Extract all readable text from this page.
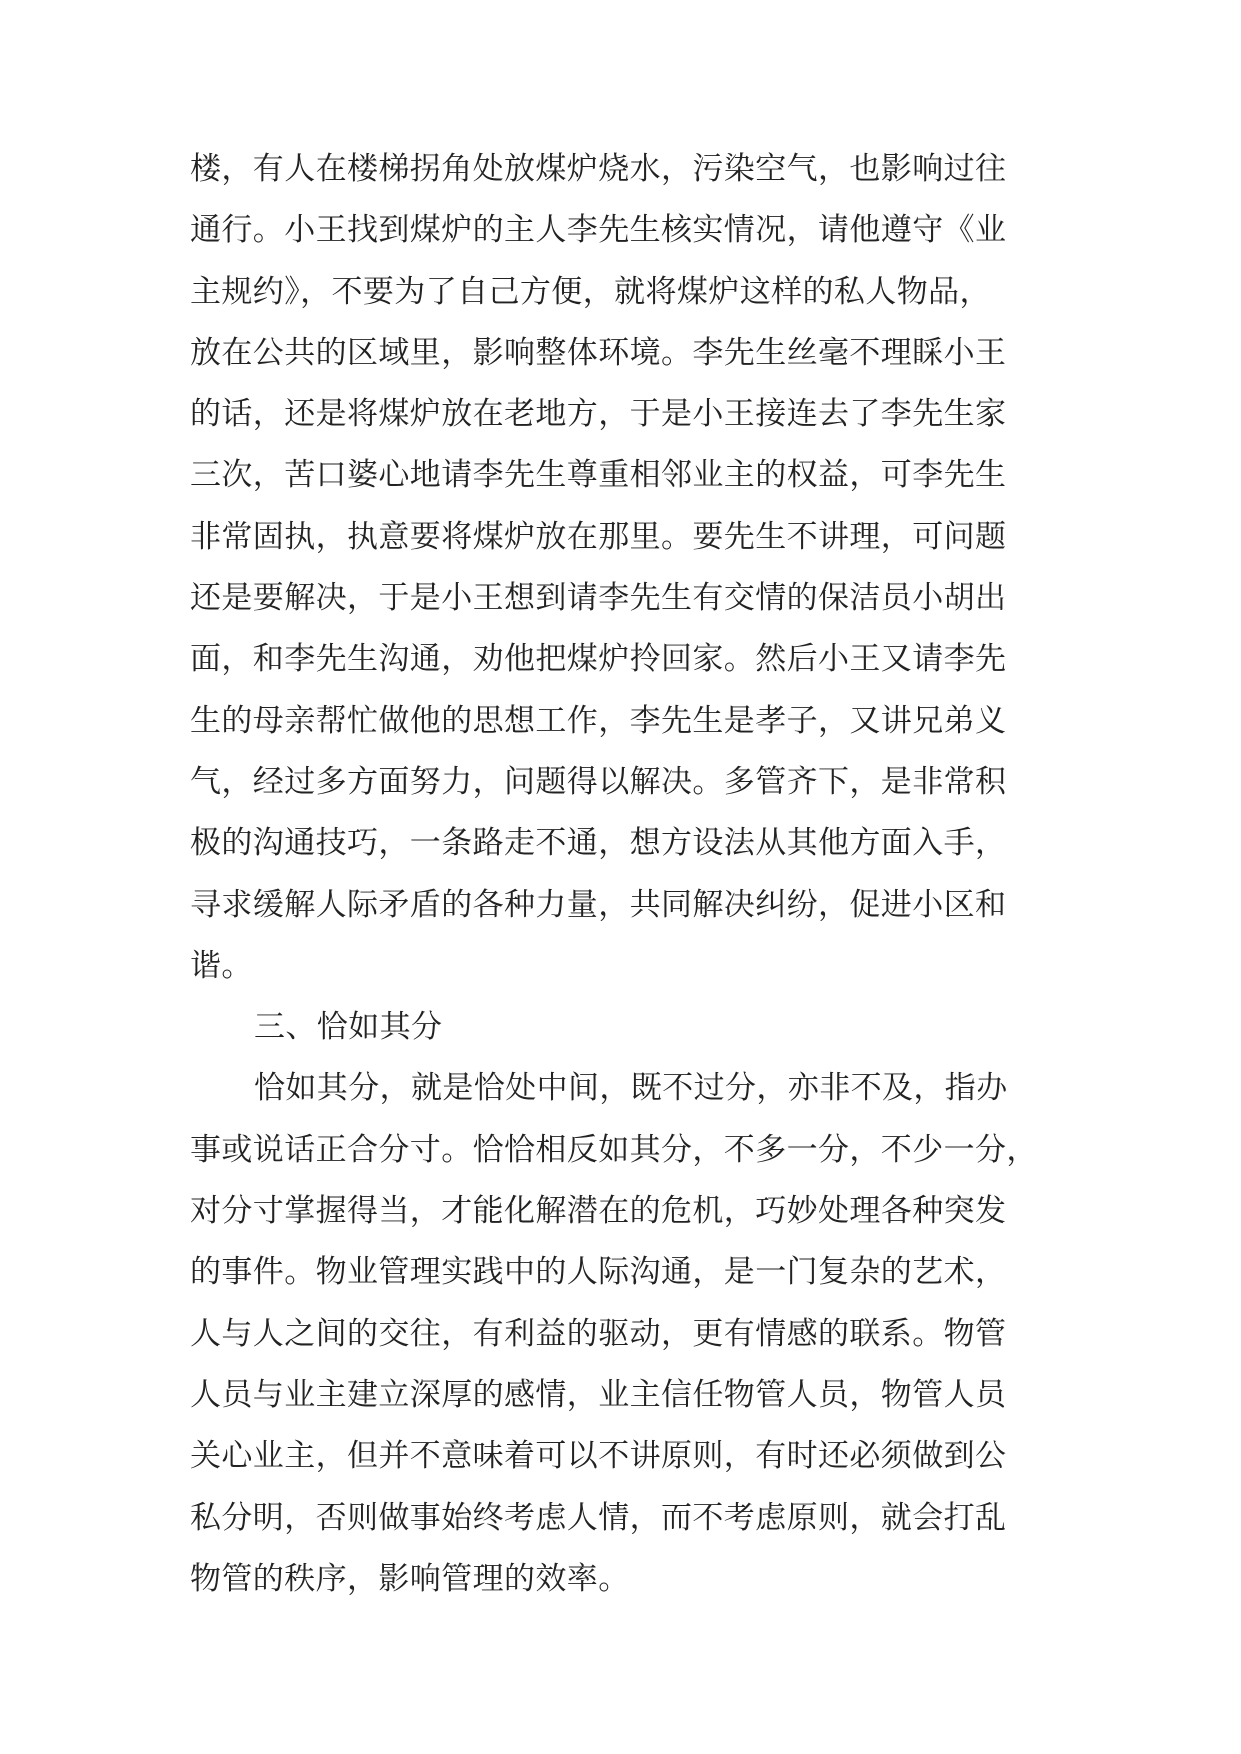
楼，有人在楼梯拐角处放煤炉烧水，污染空气，也影响过往
通行。小王找到煤炉的主人李先生核实情况，请他遵守《业
主规约》，不要为了自己方便，就将煤炉这样的私人物品，
放在公共的区域里，影响整体环境。李先生丝毫不理睬小王
的话，还是将煤炉放在老地方，于是小王接连去了李先生家
三次，苦口婆心地请李先生尊重相邻业主的权益，可李先生
非常固执，执意要将煤炉放在那里。要先生不讲理，可问题
还是要解决，于是小王想到请李先生有交情的保洁员小胡出
面，和李先生沟通，劝他把煤炉拎回家。然后小王又请李先
生的母亲帮忙做他的思想工作，李先生是孝子，又讲兄弟义
气，经过多方面努力，问题得以解决。多管齐下，是非常积
极的沟通技巧，一条路走不通，想方设法从其他方面入手，
寻求缓解人际矛盾的各种力量，共同解决纠纷，促进小区和
谐。
三、恰如其分
恰如其分，就是恰处中间，既不过分，亦非不及，指办
事或说话正合分寸。恰恰相反如其分，不多一分，不少一分，
对分寸掌握得当，才能化解潜在的危机，巧妙处理各种突发
的事件。物业管理实践中的人际沟通，是一门复杂的艺术，
人与人之间的交往，有利益的驱动，更有情感的联系。物管
人员与业主建立深厚的感情，业主信任物管人员，物管人员
关心业主，但并不意味着可以不讲原则，有时还必须做到公
私分明，否则做事始终考虑人情，而不考虑原则，就会打乱
物管的秩序，影响管理的效率。
